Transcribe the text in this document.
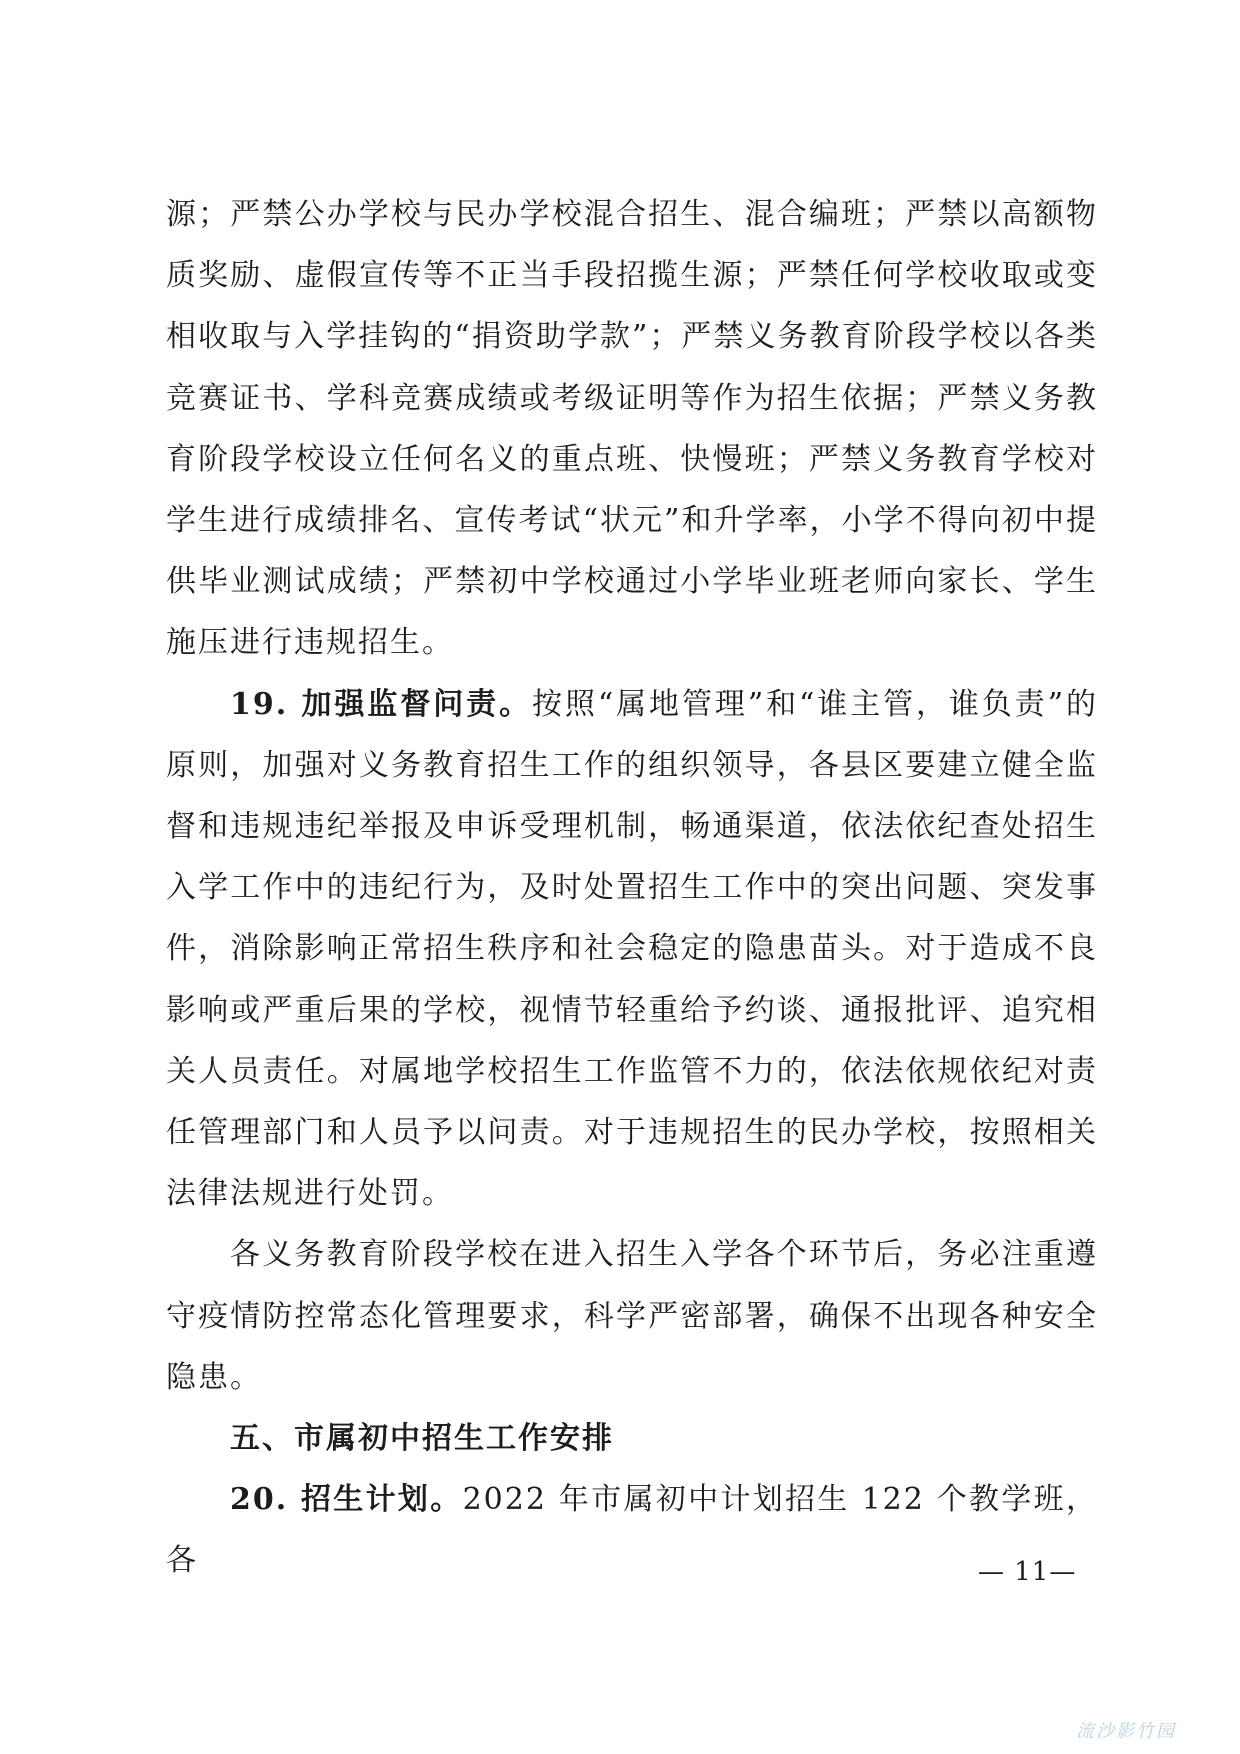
源；严禁公办学校与民办学校混合招生、混合编班；严禁以高额物质奖励、虚假宣传等不正当手段招揽生源；严禁任何学校收取或变相收取与入学挂钩的“捐资助学款”；严禁义务教育阶段学校以各类竞赛证书、学科竞赛成绩或考级证明等作为招生依据；严禁义务教育阶段学校设立任何名义的重点班、快慢班；严禁义务教育学校对学生进行成绩排名、宣传考试“状元”和升学率，小学不得向初中提供毕业测试成绩；严禁初中学校通过小学毕业班老师向家长、学生施压进行违规招生。

19. 加强监督问责。按照“属地管理”和“谁主管，谁负责”的原则，加强对义务教育招生工作的组织领导，各县区要建立健全监督和违规违纪举报及申诉受理机制，畅通渠道，依法依纪查处招生入学工作中的违纪行为，及时处置招生工作中的突出问题、突发事件，消除影响正常招生秩序和社会稳定的隐患苗头。对于造成不良影响或严重后果的学校，视情节轻重给予约谈、通报批评、追究相关人员责任。对属地学校招生工作监管不力的，依法依规依纪对责任管理部门和人员予以问责。对于违规招生的民办学校，按照相关法律法规进行处罚。

各义务教育阶段学校在进入招生入学各个环节后，务必注重遵守疫情防控常态化管理要求，科学严密部署，确保不出现各种安全隐患。

五、市属初中招生工作安排

20. 招生计划。2022 年市属初中计划招生 122 个教学班，各	— 11—
流沙影竹园
